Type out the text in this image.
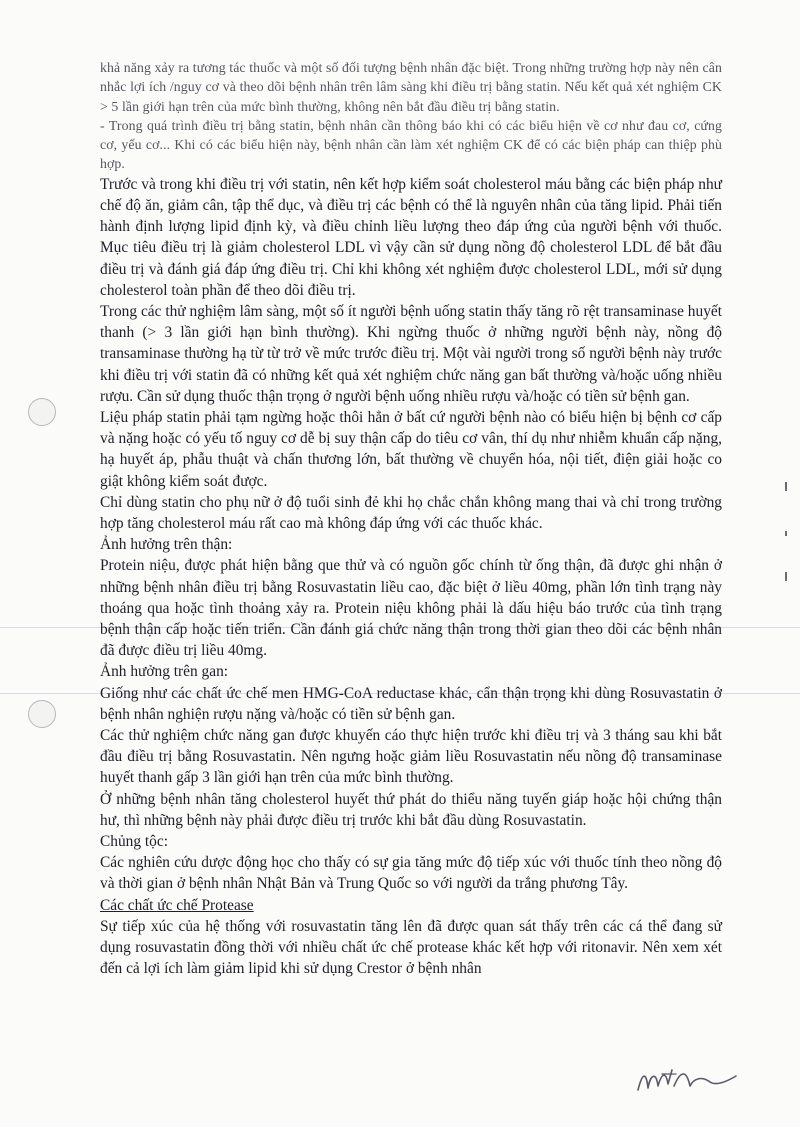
khả năng xảy ra tương tác thuốc và một số đối tượng bệnh nhân đặc biệt. Trong những trường hợp này nên cân nhắc lợi ích /nguy cơ và theo dõi bệnh nhân trên lâm sàng khi điều trị bằng statin. Nếu kết quả xét nghiệm CK > 5 lần giới hạn trên của mức bình thường, không nên bắt đầu điều trị bằng statin.

- Trong quá trình điều trị bằng statin, bệnh nhân cần thông báo khi có các biểu hiện về cơ như đau cơ, cứng cơ, yếu cơ... Khi có các biểu hiện này, bệnh nhân cần làm xét nghiệm CK để có các biện pháp can thiệp phù hợp.

Trước và trong khi điều trị với statin, nên kết hợp kiểm soát cholesterol máu bằng các biện pháp như chế độ ăn, giảm cân, tập thể dục, và điều trị các bệnh có thể là nguyên nhân của tăng lipid. Phải tiến hành định lượng lipid định kỳ, và điều chỉnh liều lượng theo đáp ứng của người bệnh với thuốc. Mục tiêu điều trị là giảm cholesterol LDL vì vậy cần sử dụng nồng độ cholesterol LDL để bắt đầu điều trị và đánh giá đáp ứng điều trị. Chỉ khi không xét nghiệm được cholesterol LDL, mới sử dụng cholesterol toàn phần để theo dõi điều trị.

Trong các thử nghiệm lâm sàng, một số ít người bệnh uống statin thấy tăng rõ rệt transaminase huyết thanh (> 3 lần giới hạn bình thường). Khi ngừng thuốc ở những người bệnh này, nồng độ transaminase thường hạ từ từ trở về mức trước điều trị. Một vài người trong số người bệnh này trước khi điều trị với statin đã có những kết quả xét nghiệm chức năng gan bất thường và/hoặc uống nhiều rượu. Cần sử dụng thuốc thận trọng ở người bệnh uống nhiều rượu và/hoặc có tiền sử bệnh gan.

Liệu pháp statin phải tạm ngừng hoặc thôi hẳn ở bất cứ người bệnh nào có biểu hiện bị bệnh cơ cấp và nặng hoặc có yếu tố nguy cơ dễ bị suy thận cấp do tiêu cơ vân, thí dụ như nhiễm khuẩn cấp nặng, hạ huyết áp, phẫu thuật và chấn thương lớn, bất thường về chuyển hóa, nội tiết, điện giải hoặc co giật không kiểm soát được.

Chỉ dùng statin cho phụ nữ ở độ tuổi sinh đẻ khi họ chắc chắn không mang thai và chỉ trong trường hợp tăng cholesterol máu rất cao mà không đáp ứng với các thuốc khác.

Ảnh hưởng trên thận:

Protein niệu, được phát hiện bằng que thử và có nguồn gốc chính từ ống thận, đã được ghi nhận ở những bệnh nhân điều trị bằng Rosuvastatin liều cao, đặc biệt ở liều 40mg, phần lớn tình trạng này thoáng qua hoặc tình thoảng xảy ra. Protein niệu không phải là dấu hiệu báo trước của tình trạng bệnh thận cấp hoặc tiến triển. Cần đánh giá chức năng thận trong thời gian theo dõi các bệnh nhân đã được điều trị liều 40mg.

Ảnh hưởng trên gan:

Giống như các chất ức chế men HMG-CoA reductase khác, cẩn thận trọng khi dùng Rosuvastatin ở bệnh nhân nghiện rượu nặng và/hoặc có tiền sử bệnh gan.

Các thử nghiệm chức năng gan được khuyến cáo thực hiện trước khi điều trị và 3 tháng sau khi bắt đầu điều trị bằng Rosuvastatin. Nên ngưng hoặc giảm liều Rosuvastatin nếu nồng độ transaminase huyết thanh gấp 3 lần giới hạn trên của mức bình thường.

Ở những bệnh nhân tăng cholesterol huyết thứ phát do thiểu năng tuyến giáp hoặc hội chứng thận hư, thì những bệnh này phải được điều trị trước khi bắt đầu dùng Rosuvastatin.

Chủng tộc:

Các nghiên cứu dược động học cho thấy có sự gia tăng mức độ tiếp xúc với thuốc tính theo nồng độ và thời gian ở bệnh nhân Nhật Bản và Trung Quốc so với người da trắng phương Tây.

Các chất ức chế Protease

Sự tiếp xúc của hệ thống với rosuvastatin tăng lên đã được quan sát thấy trên các cá thể đang sử dụng rosuvastatin đồng thời với nhiều chất ức chế protease khác kết hợp với ritonavir. Nên xem xét đến cả lợi ích làm giảm lipid khi sử dụng Crestor ở bệnh nhân
